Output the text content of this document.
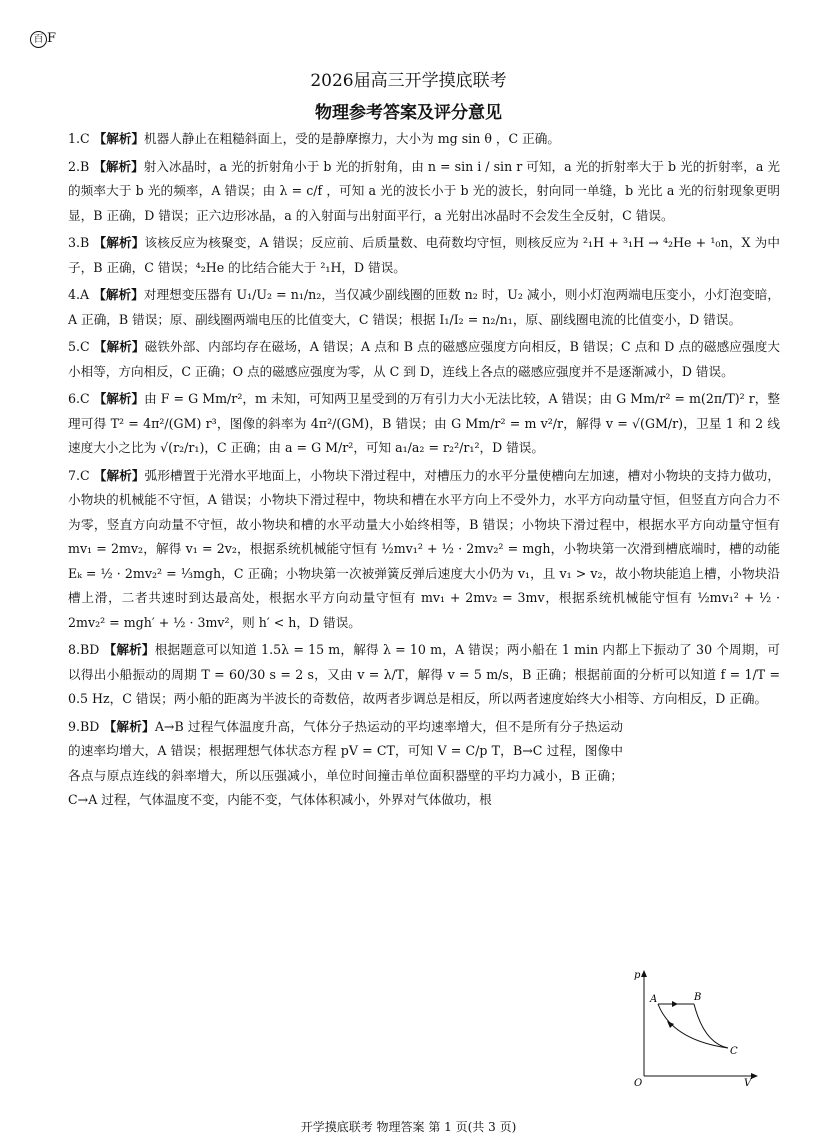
百 F
2026届高三开学摸底联考
物理参考答案及评分意见

1.C 【解析】机器人静止在粗糙斜面上，受的是静摩擦力，大小为 mg sin θ ，C 正确。

2.B 【解析】射入冰晶时，a 光的折射角小于 b 光的折射角，由 n = sin i / sin r 可知，a 光的折射率大于 b 光的折射率，a 光的频率大于 b 光的频率，A 错误；由 λ = c/f ，可知 a 光的波长小于 b 光的波长，射向同一单缝，b 光比 a 光的衍射现象更明显，B 正确，D 错误；正六边形冰晶，a 的入射面与出射面平行，a 光射出冰晶时不会发生全反射，C 错误。

3.B 【解析】该核反应为核聚变，A 错误；反应前、后质量数、电荷数均守恒，则核反应为 ²₁H + ³₁H → ⁴₂He + ¹₀n，X 为中子，B 正确，C 错误；⁴₂He 的比结合能大于 ²₁H，D 错误。

4.A 【解析】对理想变压器有 U₁/U₂ = n₁/n₂，当仅减少副线圈的匝数 n₂ 时，U₂ 减小，则小灯泡两端电压变小，小灯泡变暗，A 正确，B 错误；原、副线圈两端电压的比值变大，C 错误；根据 I₁/I₂ = n₂/n₁，原、副线圈电流的比值变小，D 错误。

5.C 【解析】磁铁外部、内部均存在磁场，A 错误；A 点和 B 点的磁感应强度方向相反，B 错误；C 点和 D 点的磁感应强度大小相等，方向相反，C 正确；O 点的磁感应强度为零，从 C 到 D，连线上各点的磁感应强度并不是逐渐减小，D 错误。

6.C 【解析】由 F = G Mm/r²，m 未知，可知两卫星受到的万有引力大小无法比较，A 错误；由 G Mm/r² = m(2π/T)² r，整理可得 T² = 4π²/(GM) r³，图像的斜率为 4π²/(GM)，B 错误；由 G Mm/r² = m v²/r，解得 v = √(GM/r)，卫星 1 和 2 线速度大小之比为 √(r₂/r₁)，C 正确；由 a = G M/r²，可知 a₁/a₂ = r₂²/r₁²，D 错误。

7.C 【解析】弧形槽置于光滑水平地面上，小物块下滑过程中，对槽压力的水平分量使槽向左加速，槽对小物块的支持力做功，小物块的机械能不守恒，A 错误；小物块下滑过程中，物块和槽在水平方向上不受外力，水平方向动量守恒，但竖直方向合力不为零，竖直方向动量不守恒，故小物块和槽的水平动量大小始终相等，B 错误；小物块下滑过程中，根据水平方向动量守恒有 mv₁ = 2mv₂，解得 v₁ = 2v₂，根据系统机械能守恒有 ½mv₁² + ½ · 2mv₂² = mgh，小物块第一次滑到槽底端时，槽的动能 Eₖ = ½ · 2mv₂² = ⅓mgh，C 正确；小物块第一次被弹簧反弹后速度大小仍为 v₁，且 v₁ > v₂，故小物块能追上槽，小物块沿槽上滑，二者共速时到达最高处，根据水平方向动量守恒有 mv₁ + 2mv₂ = 3mv，根据系统机械能守恒有 ½mv₁² + ½ · 2mv₂² = mgh′ + ½ · 3mv²，则 h′ < h，D 错误。

8.BD 【解析】根据题意可以知道 1.5λ = 15 m，解得 λ = 10 m，A 错误；两小船在 1 min 内都上下振动了 30 个周期，可以得出小船振动的周期 T = 60/30 s = 2 s，又由 v = λ/T，解得 v = 5 m/s，B 正确；根据前面的分析可以知道 f = 1/T = 0.5 Hz，C 错误；两小船的距离为半波长的奇数倍，故两者步调总是相反，所以两者速度始终大小相等、方向相反，D 正确。

9.BD 【解析】A→B 过程气体温度升高，气体分子热运动的平均速率增大，但不是所有分子热运动的速率均增大，A 错误；根据理想气体状态方程 pV = CT，可知 V = C/p T，B→C 过程，图像中各点与原点连线的斜率增大，所以压强减小，单位时间撞击单位面积器壁的平均力减小，B 正确；C→A 过程，气体温度不变，内能不变，气体体积减小，外界对气体做功，根

p
V
O
A	B
C
开学摸底联考 物理答案 第 1 页(共 3 页)
